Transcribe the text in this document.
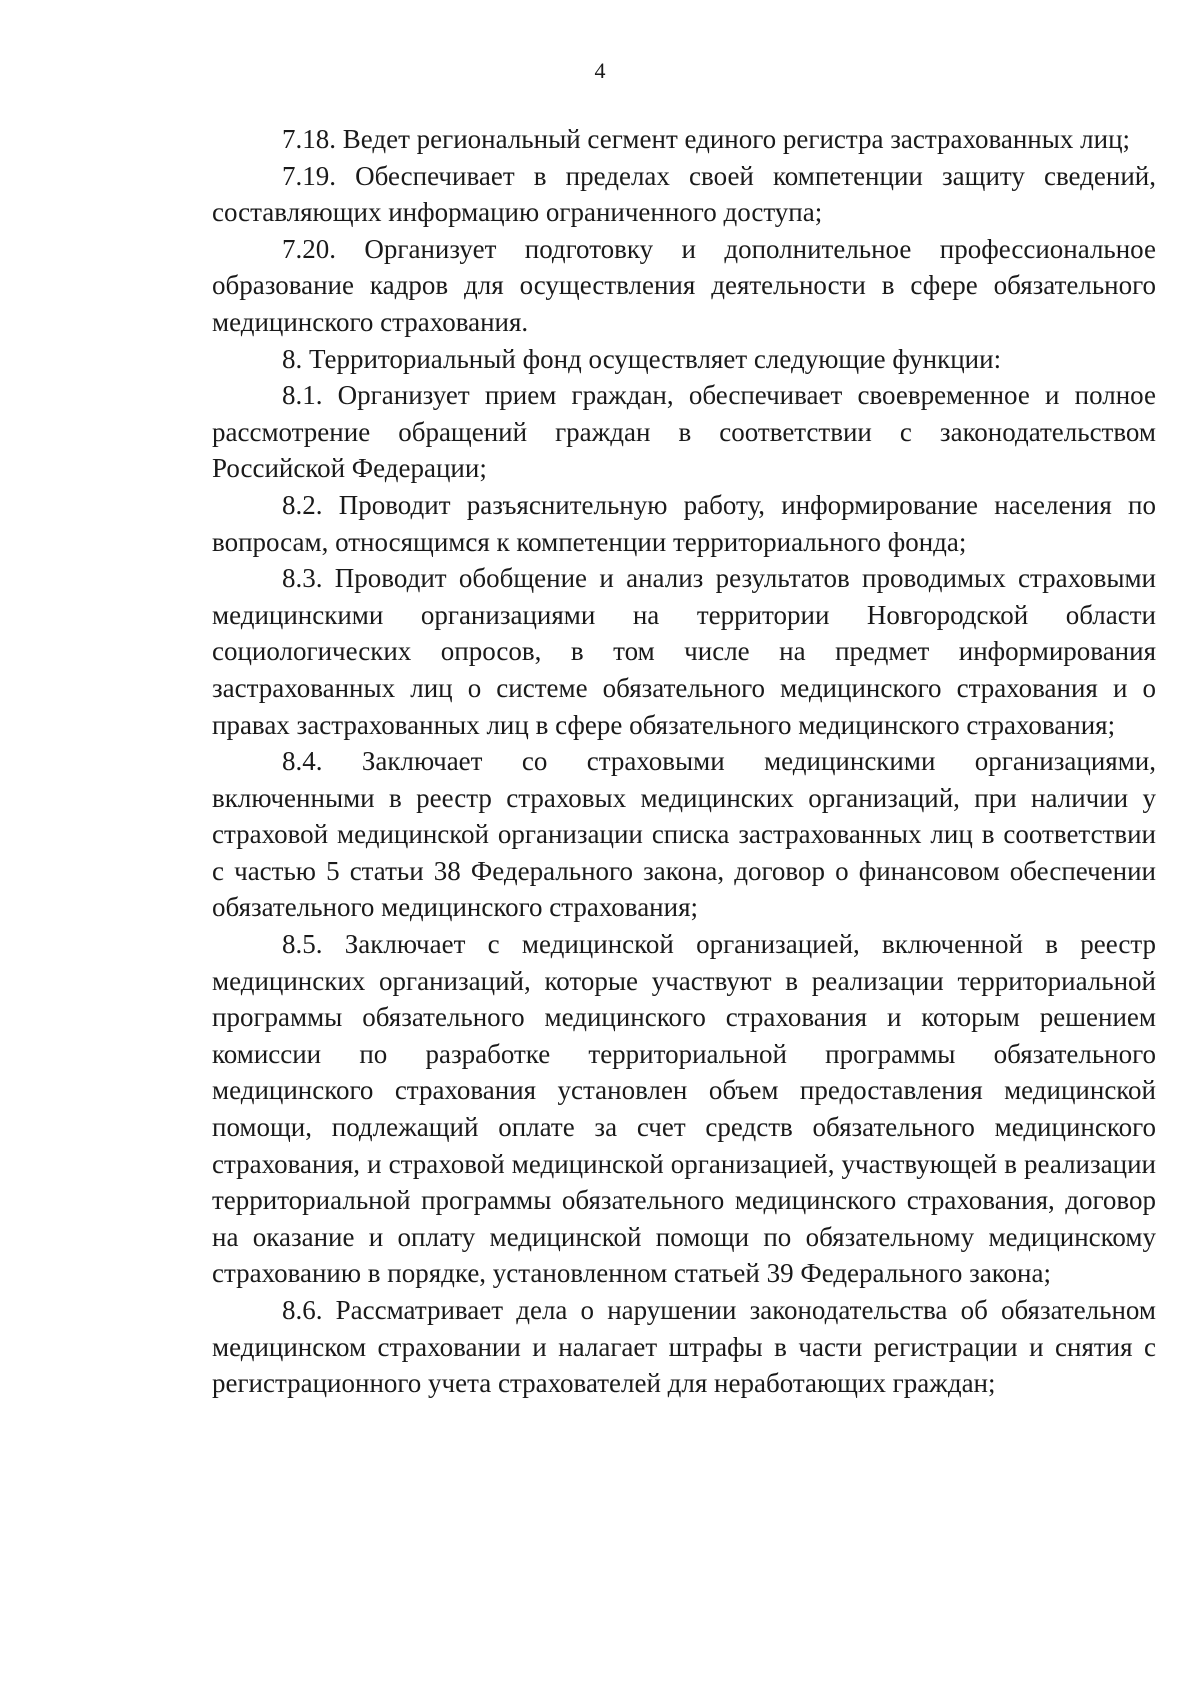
4

7.18. Ведет региональный сегмент единого регистра застрахованных лиц;

7.19. Обеспечивает в пределах своей компетенции защиту сведений, составляющих информацию ограниченного доступа;

7.20. Организует подготовку и дополнительное профессиональное образование кадров для осуществления деятельности в сфере обязательного медицинского страхования.

8. Территориальный фонд осуществляет следующие функции:

8.1. Организует прием граждан, обеспечивает своевременное и полное рассмотрение обращений граждан в соответствии с законодательством Российской Федерации;

8.2. Проводит разъяснительную работу, информирование населения по вопросам, относящимся к компетенции территориального фонда;

8.3. Проводит обобщение и анализ результатов проводимых страховыми медицинскими организациями на территории Новгородской области социологических опросов, в том числе на предмет информирования застрахованных лиц о системе обязательного медицинского страхования и о правах застрахованных лиц в сфере обязательного медицинского страхования;

8.4. Заключает со страховыми медицинскими организациями, включенными в реестр страховых медицинских организаций, при наличии у страховой медицинской организации списка застрахованных лиц в соответствии с частью 5 статьи 38 Федерального закона, договор о финансовом обеспечении обязательного медицинского страхования;

8.5. Заключает с медицинской организацией, включенной в реестр медицинских организаций, которые участвуют в реализации территориальной программы обязательного медицинского страхования и которым решением комиссии по разработке территориальной программы обязательного медицинского страхования установлен объем предоставления медицинской помощи, подлежащий оплате за счет средств обязательного медицинского страхования, и страховой медицинской организацией, участвующей в реализации территориальной программы обязательного медицинского страхования, договор на оказание и оплату медицинской помощи по обязательному медицинскому страхованию в порядке, установленном статьей 39 Федерального закона;

8.6. Рассматривает дела о нарушении законодательства об обязательном медицинском страховании и налагает штрафы в части регистрации и снятия с регистрационного учета страхователей для неработающих граждан;
